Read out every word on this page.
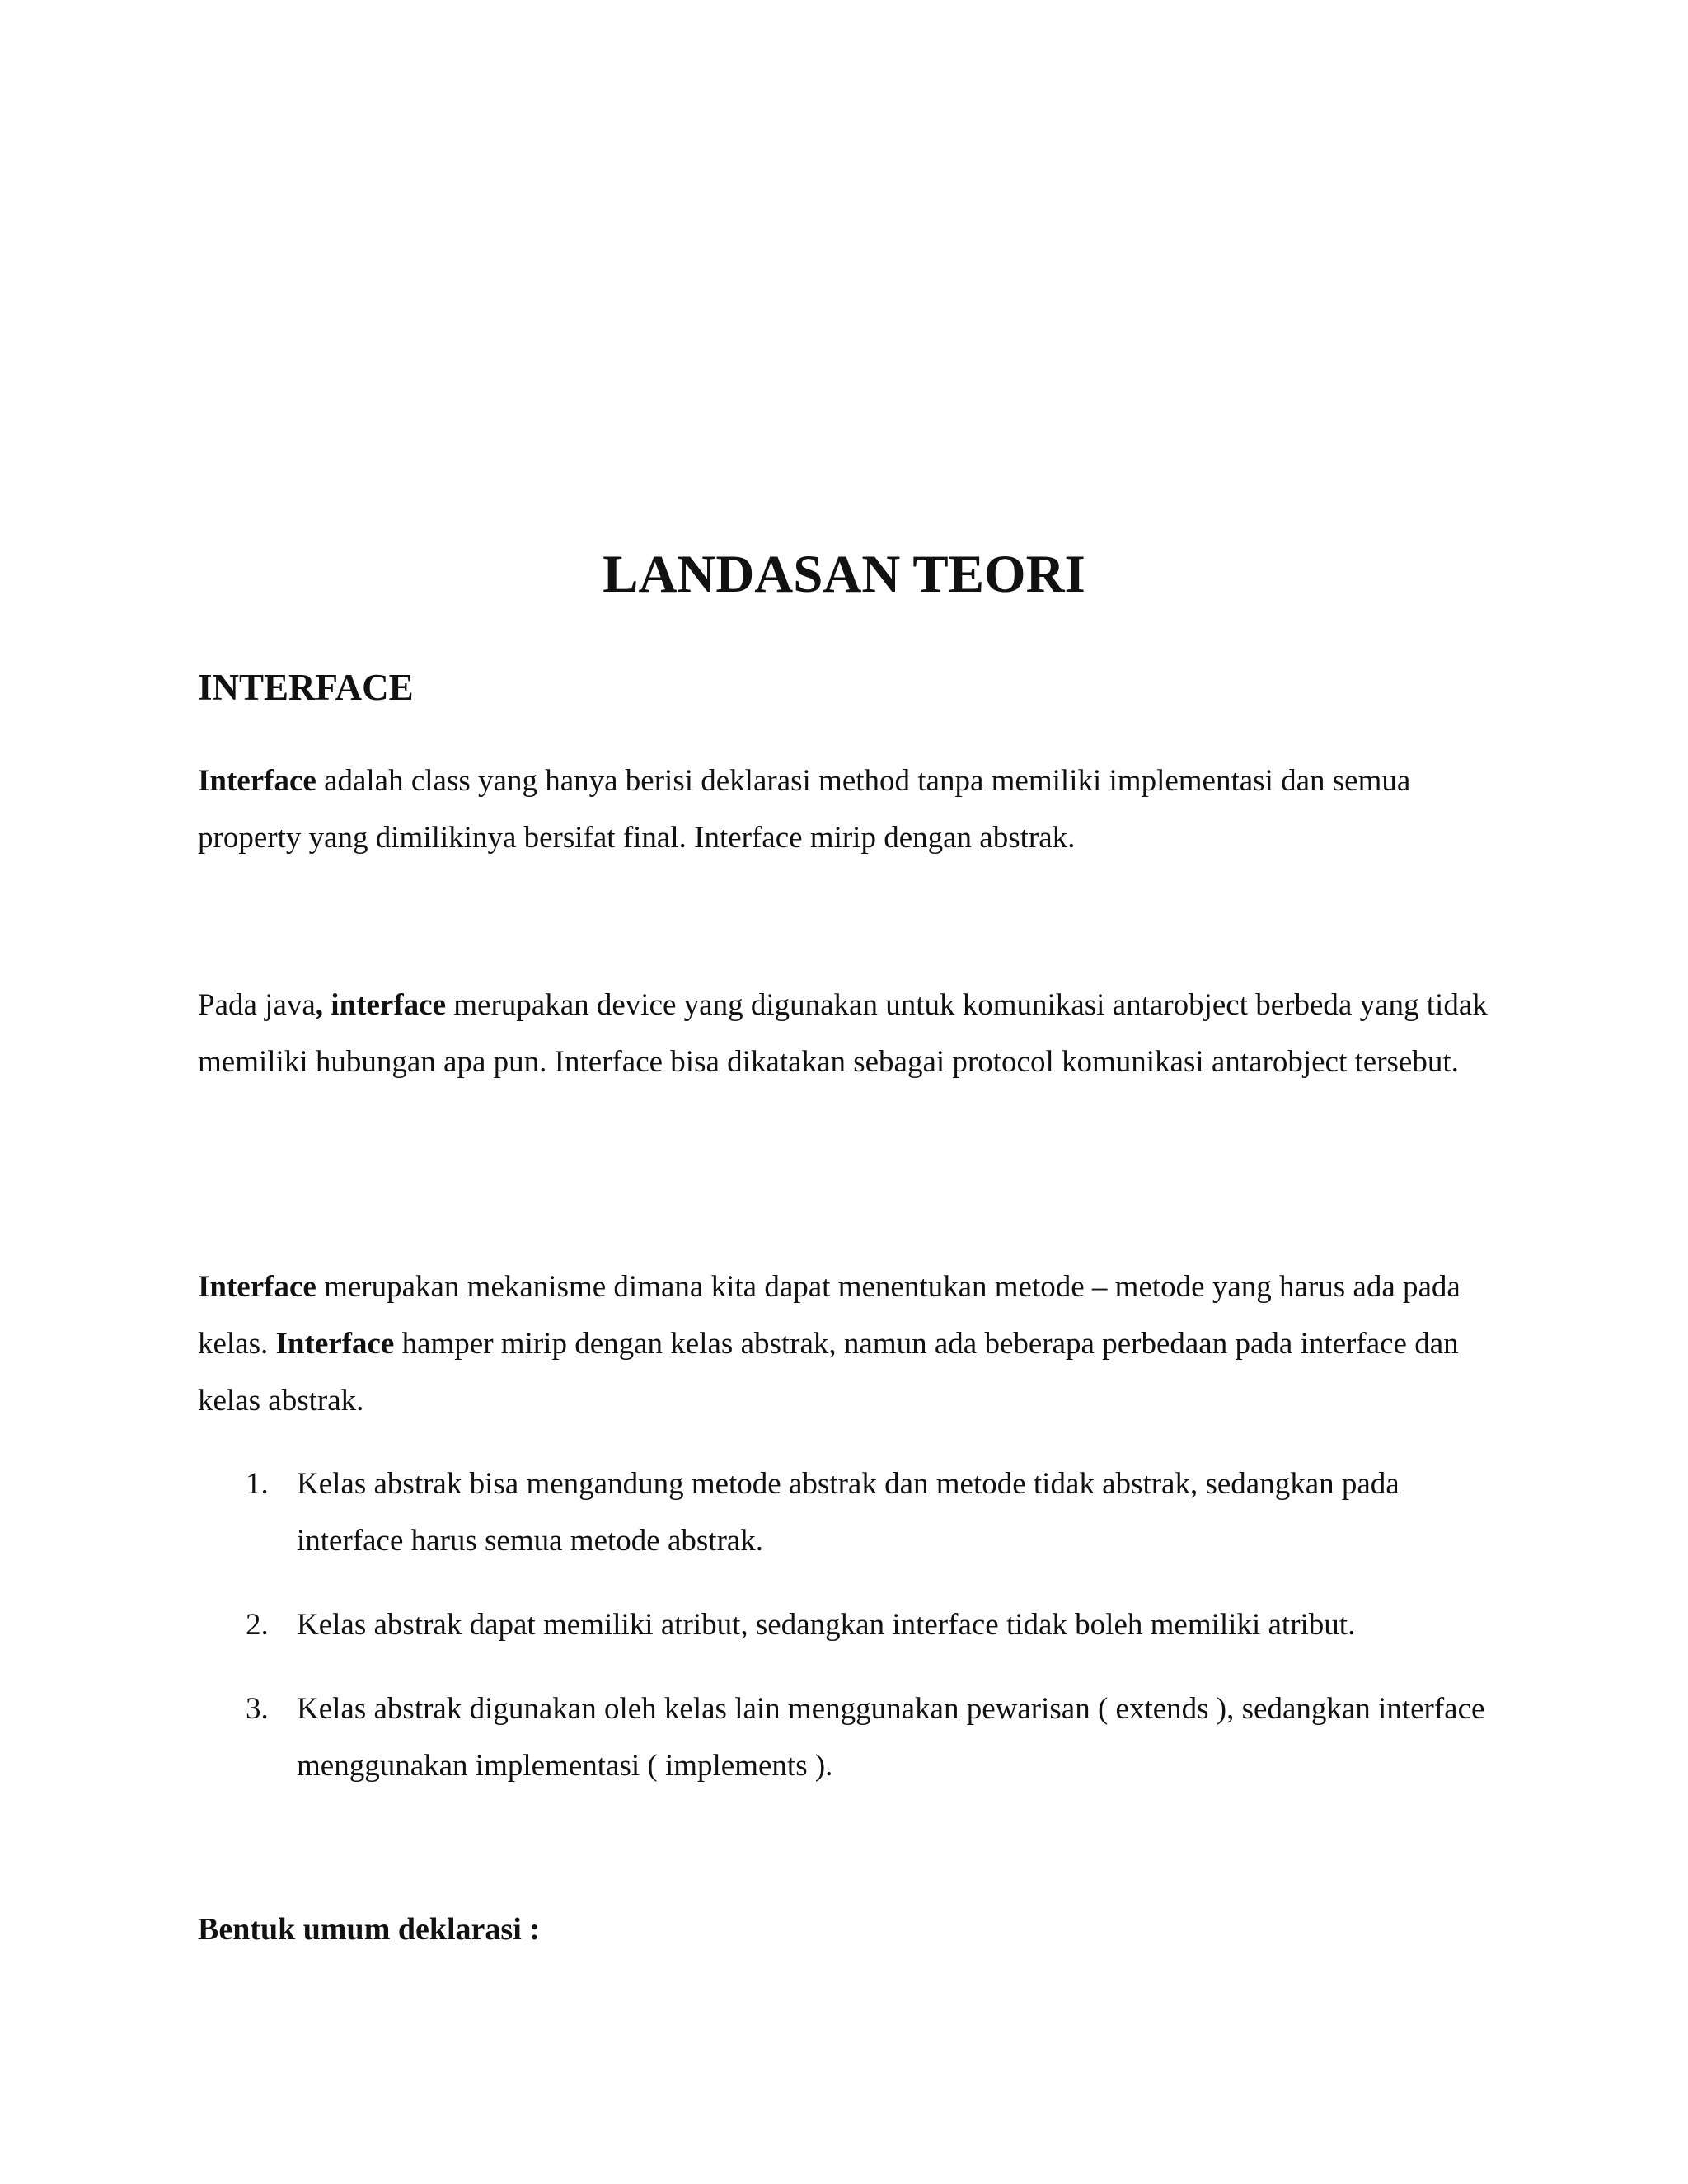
LANDASAN TEORI
INTERFACE

Interface adalah class yang hanya berisi deklarasi method tanpa memiliki implementasi dan semua property yang dimilikinya bersifat final. Interface mirip dengan abstrak.

Pada java, interface merupakan device yang digunakan untuk komunikasi antarobject berbeda yang tidak memiliki hubungan apa pun. Interface bisa dikatakan sebagai protocol komunikasi antarobject tersebut.

Interface merupakan mekanisme dimana kita dapat menentukan metode – metode yang harus ada pada kelas. Interface hamper mirip dengan kelas abstrak, namun ada beberapa perbedaan pada interface dan kelas abstrak.

1. Kelas abstrak bisa mengandung metode abstrak dan metode tidak abstrak, sedangkan pada interface harus semua metode abstrak.
2. Kelas abstrak dapat memiliki atribut, sedangkan interface tidak boleh memiliki atribut.
3. Kelas abstrak digunakan oleh kelas lain menggunakan pewarisan ( extends ), sedangkan interface menggunakan implementasi ( implements ).
Bentuk umum deklarasi :
